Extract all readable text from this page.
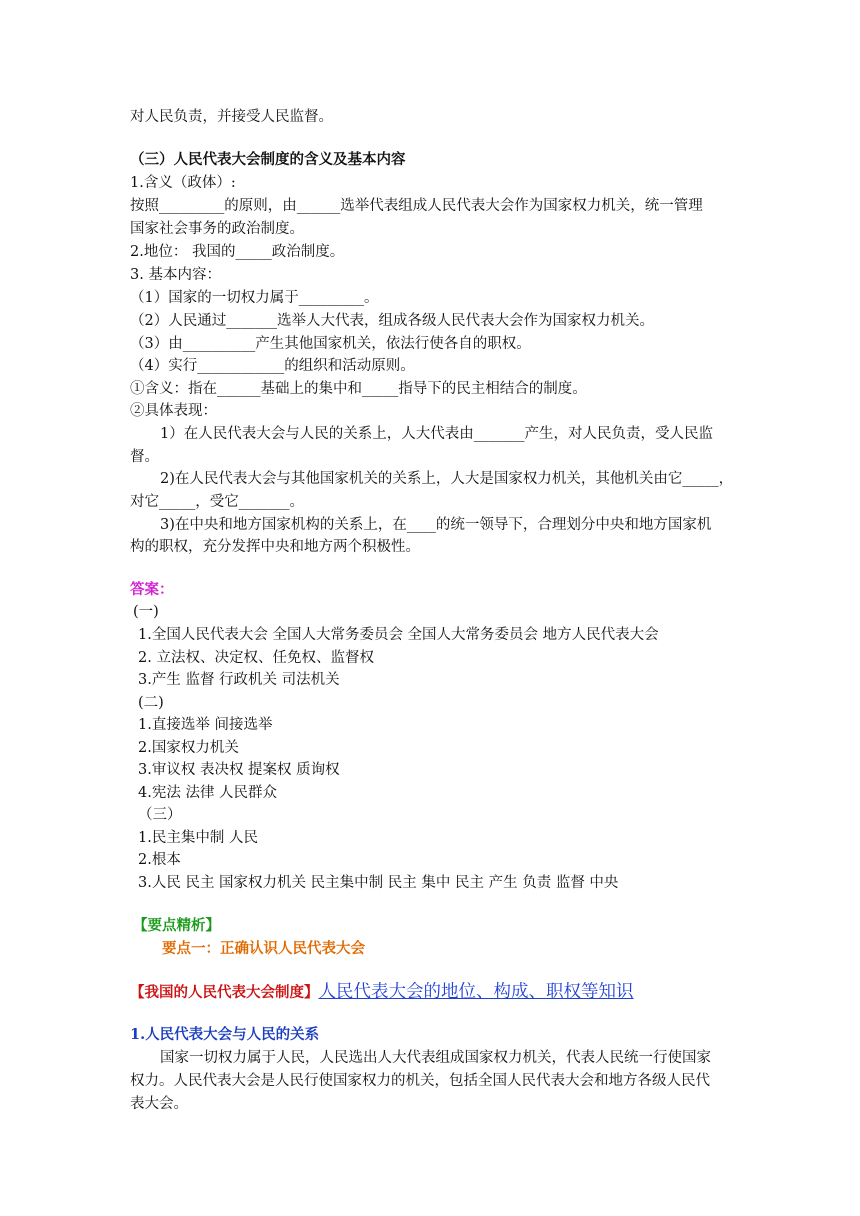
对人民负责，并接受人民监督。
（三）人民代表大会制度的含义及基本内容
1.含义（政体）:
按照_________的原则，由______选举代表组成人民代表大会作为国家权力机关，统一管理
国家社会事务的政治制度。
2.地位： 我国的_____政治制度。
3. 基本内容：
（1）国家的一切权力属于_________。
（2）人民通过_______选举人大代表，组成各级人民代表大会作为国家权力机关。
（3）由__________产生其他国家机关，依法行使各自的职权。
（4）实行____________的组织和活动原则。
①含义：指在______基础上的集中和_____指导下的民主相结合的制度。
②具体表现：
1）在人民代表大会与人民的关系上，人大代表由_______产生，对人民负责，受人民监
督。
2)在人民代表大会与其他国家机关的关系上，人大是国家权力机关，其他机关由它_____，
对它_____，受它_______。
3)在中央和地方国家机构的关系上，在____的统一领导下，合理划分中央和地方国家机
构的职权，充分发挥中央和地方两个积极性。
答案：
(一)
1.全国人民代表大会 全国人大常务委员会 全国人大常务委员会 地方人民代表大会
2. 立法权、决定权、任免权、监督权
3.产生 监督 行政机关 司法机关
(二)
1.直接选举 间接选举
2.国家权力机关
3.审议权 表决权 提案权 质询权
4.宪法 法律 人民群众
（三）
1.民主集中制 人民
2.根本
3.人民 民主 国家权力机关 民主集中制 民主 集中 民主 产生 负责 监督 中央
【要点精析】
要点一：正确认识人民代表大会
【我国的人民代表大会制度】人民代表大会的地位、构成、职权等知识
1.人民代表大会与人民的关系
国家一切权力属于人民，人民选出人大代表组成国家权力机关，代表人民统一行使国家
权力。人民代表大会是人民行使国家权力的机关，包括全国人民代表大会和地方各级人民代
表大会。
